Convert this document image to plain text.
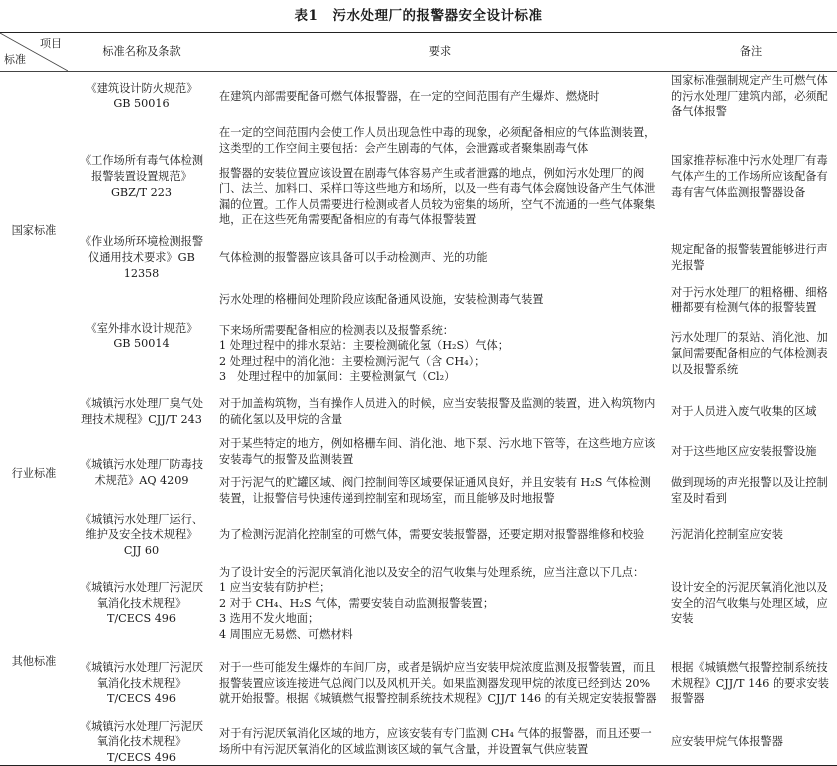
表1 污水处理厂的报警器安全设计标准
项目
标准	标准名称及条款	要求	备注
国家标准	《建筑设计防火规范》GB 50016	在建筑内部需要配备可燃气体报警器，在一定的空间范围有产生爆炸、燃烧时	国家标准强制规定产生可燃气体的污水处理厂建筑内部，必须配备气体报警
	《工作场所有毒气体检测报警装置设置规范》GBZ/T 223	在一定的空间范围内会使工作人员出现急性中毒的现象，必须配备相应的气体监测装置，这类型的工作空间主要包括：会产生剧毒的气体，会泄露或者聚集剧毒气体	国家推荐标准中污水处理厂有毒气体产生的工作场所应该配备有毒有害气体监测报警器设备
		报警器的安装位置应该设置在剧毒气体容易产生或者泄露的地点，例如污水处理厂的阀门、法兰、加料口、采样口等这些地方和场所，以及一些有毒气体会腐蚀设备产生气体泄漏的位置。工作人员需要进行检测或者人员较为密集的场所，空气不流通的一些气体聚集地，正在这些死角需要配备相应的有毒气体报警装置	
	《作业场所环境检测报警仪通用技术要求》GB 12358	气体检测的报警器应该具备可以手动检测声、光的功能	规定配备的报警装置能够进行声光报警
	《室外排水设计规范》GB 50014	污水处理的格栅间处理阶段应该配备通风设施，安装检测毒气装置	对于污水处理厂的粗格栅、细格栅都要有检测气体的报警装置

		下来场所需要配备相应的检测表以及报警系统：
1 处理过程中的排水泵站：主要检测硫化氢（H₂S）气体；
2 处理过程中的消化池：主要检测污泥气（含 CH₄）；
3　处理过程中的加氯间：主要检测氯气（Cl₂）	污水处理厂的泵站、消化池、加氯间需要配备相应的气体检测表以及报警系统
行业标准	《城镇污水处理厂臭气处理技术规程》CJJ/T 243	对于加盖构筑物，当有操作人员进入的时候，应当安装报警及监测的装置，进入构筑物内的硫化氢以及甲烷的含量	对于人员进入废气收集的区域
	《城镇污水处理厂防毒技术规范》AQ 4209	对于某些特定的地方，例如格栅车间、消化池、地下泵、污水地下管等，在这些地方应该安装毒气的报警及监测装置	对于这些地区应安装报警设施
		对于污泥气的贮罐区域、阀门控制间等区域要保证通风良好，并且安装有 H₂S 气体检测装置，让报警信号快速传递到控制室和现场室，而且能够及时地报警	做到现场的声光报警以及让控制室及时看到
	《城镇污水处理厂运行、维护及安全技术规程》CJJ 60	为了检测污泥消化控制室的可燃气体，需要安装报警器，还要定期对报警器维修和校验	污泥消化控制室应安装
其他标准	《城镇污水处理厂污泥厌氧消化技术规程》T/CECS 496	为了设计安全的污泥厌氧消化池以及安全的沼气收集与处理系统，应当注意以下几点：
1 应当安装有防护栏；
2 对于 CH₄、H₂S 气体，需要安装自动监测报警装置；
3 选用不发火地面；
4 周围应无易燃、可燃材料	设计安全的污泥厌氧消化池以及安全的沼气收集与处理区域，应安装
	《城镇污水处理厂污泥厌氧消化技术规程》T/CECS 496	对于一些可能发生爆炸的车间厂房，或者是锅炉应当安装甲烷浓度监测及报警装置，而且报警装置应该连接进气总阀门以及风机开关。如果监测器发现甲烷的浓度已经到达 20% 就开始报警。根据《城镇燃气报警控制系统技术规程》CJJ/T 146 的有关规定安装报警器	根据《城镇燃气报警控制系统技术规程》CJJ/T 146 的要求安装报警器
	《城镇污水处理厂污泥厌氧消化技术规程》T/CECS 496	对于有污泥厌氧消化区域的地方，应该安装有专门监测 CH₄ 气体的报警器，而且还要一场所中有污泥厌氧消化的区域监测该区域的氧气含量，并设置氧气供应装置	应安装甲烷气体报警器
